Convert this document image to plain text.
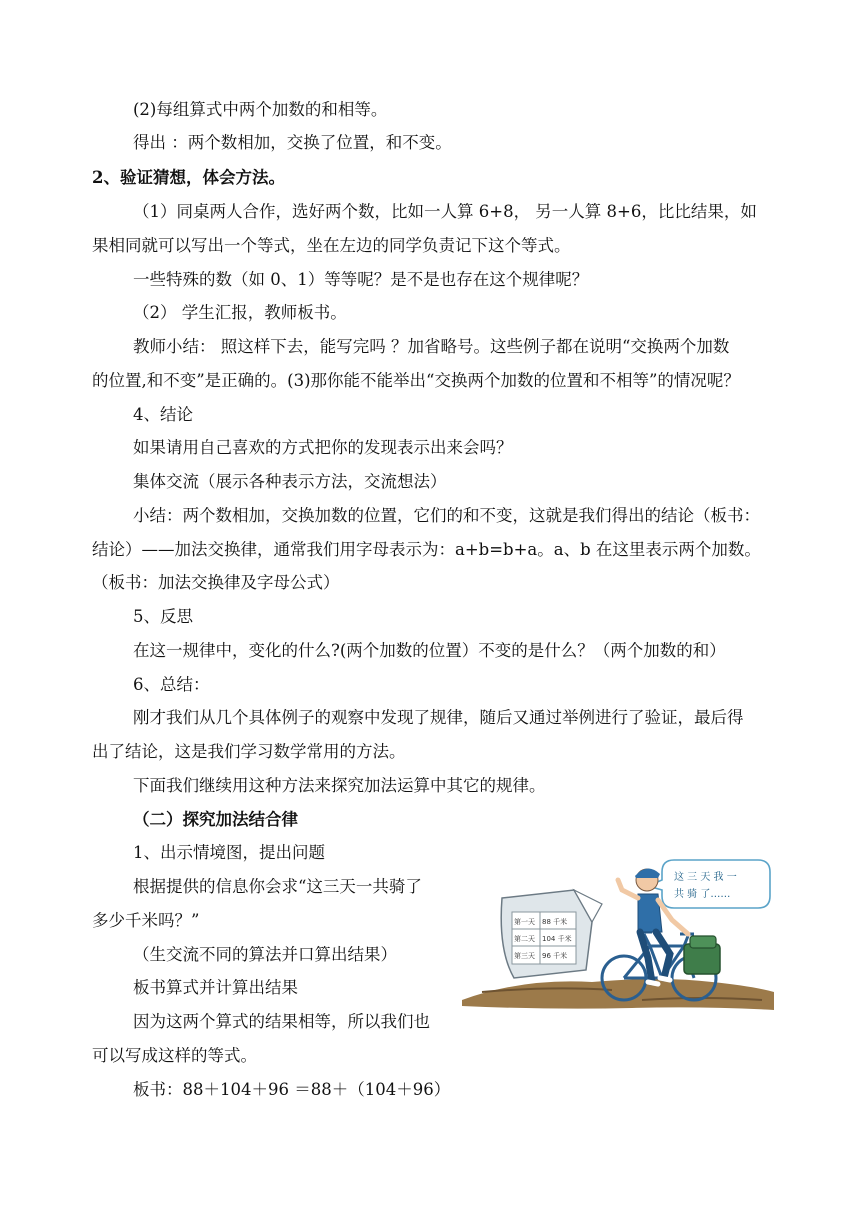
(2)每组算式中两个加数的和相等。
得出 ：两个数相加，交换了位置，和不变。
2、验证猜想，体会方法。
（1）同桌两人合作，选好两个数，比如一人算 6+8， 另一人算 8+6，比比结果，如
果相同就可以写出一个等式，坐在左边的同学负责记下这个等式。
一些特殊的数（如 0、1）等等呢？是不是也存在这个规律呢？
（2） 学生汇报，教师板书。
教师小结： 照这样下去，能写完吗 ？加省略号。这些例子都在说明“交换两个加数
的位置,和不变”是正确的。(3)那你能不能举出“交换两个加数的位置和不相等”的情况呢？
4、结论
如果请用自己喜欢的方式把你的发现表示出来会吗？
集体交流（展示各种表示方法，交流想法）
小结：两个数相加，交换加数的位置，它们的和不变，这就是我们得出的结论（板书：
结论）——加法交换律，通常我们用字母表示为：a+b=b+a。a、b 在这里表示两个加数。
（板书：加法交换律及字母公式）
5、反思
在这一规律中，变化的什么?(两个加数的位置）不变的是什么？（两个加数的和）
6、总结：
刚才我们从几个具体例子的观察中发现了规律，随后又通过举例进行了验证，最后得
出了结论，这是我们学习数学常用的方法。
下面我们继续用这种方法来探究加法运算中其它的规律。
（二）探究加法结合律
1、出示情境图，提出问题
根据提供的信息你会求“这三天一共骑了
多少千米吗？”
（生交流不同的算法并口算出结果）
板书算式并计算出结果
因为这两个算式的结果相等，所以我们也
可以写成这样的等式。
板书：88＋104＋96 ＝88＋（104＋96）
第一天 88 千米
第二天 104 千米
第三天 96 千米
这 三 天 我 一
共 骑 了……
